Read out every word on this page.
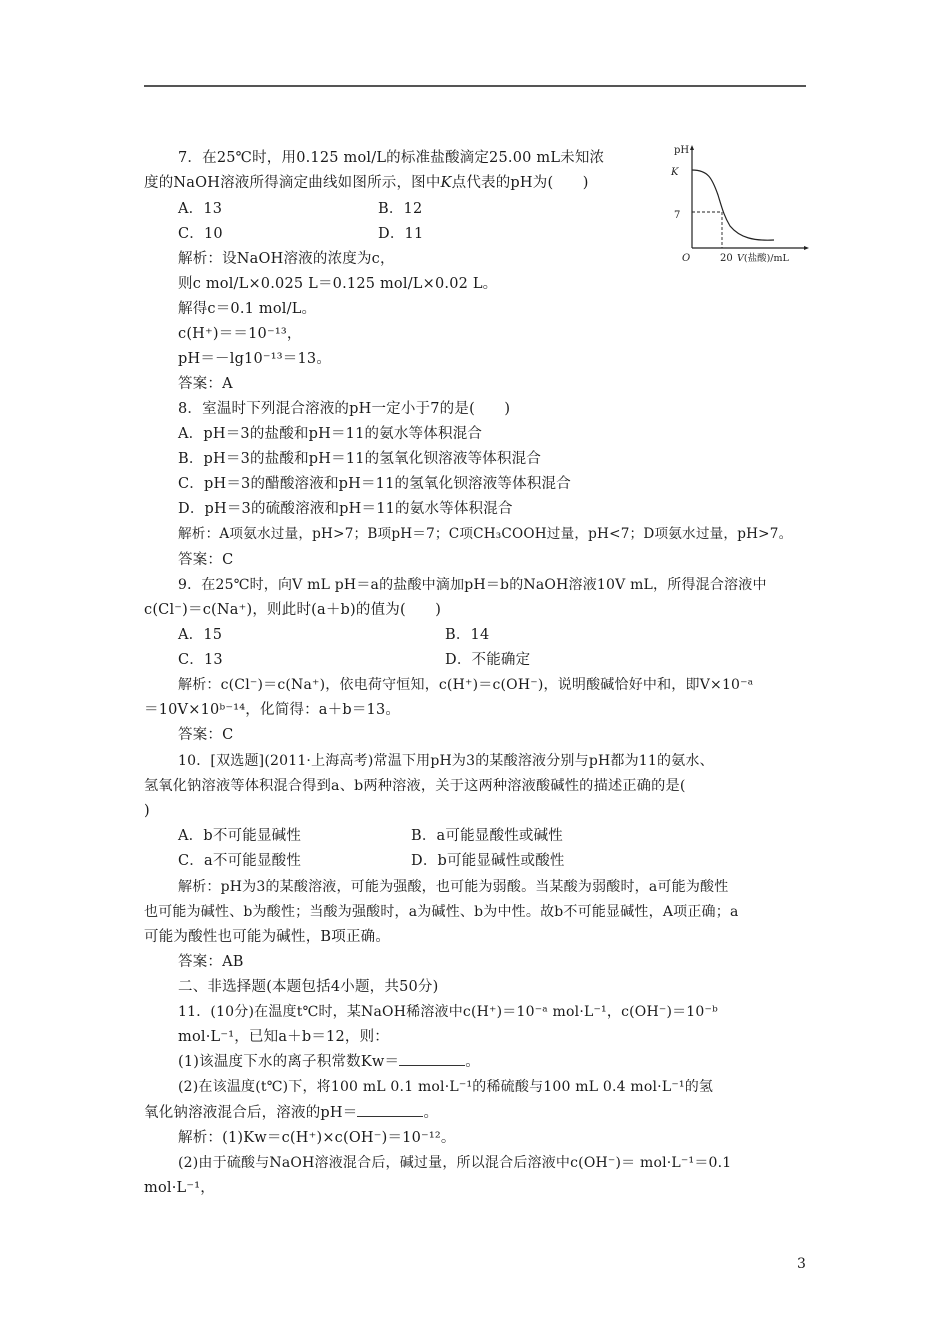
7．在25℃时，用0.125 mol/L的标准盐酸滴定25.00 mL未知浓
度的NaOH溶液所得滴定曲线如图所示，图中K点代表的pH为(　　)
A．13	B．12
C．10	D．11
解析：设NaOH溶液的浓度为c，
则c mol/L×0.025 L＝0.125 mol/L×0.02 L。
解得c＝0.1 mol/L。
c(H⁺)＝＝10⁻¹³，
pH＝－lg10⁻¹³＝13。
答案：A
pH
K
7
O	20 V(盐酸)/mL
8．室温时下列混合溶液的pH一定小于7的是(　　)
A．pH＝3的盐酸和pH＝11的氨水等体积混合
B．pH＝3的盐酸和pH＝11的氢氧化钡溶液等体积混合
C．pH＝3的醋酸溶液和pH＝11的氢氧化钡溶液等体积混合
D．pH＝3的硫酸溶液和pH＝11的氨水等体积混合
解析：A项氨水过量，pH>7；B项pH＝7；C项CH₃COOH过量，pH<7；D项氨水过量，pH>7。
答案：C
9．在25℃时，向V mL pH＝a的盐酸中滴加pH＝b的NaOH溶液10V mL，所得混合溶液中
c(Cl⁻)＝c(Na⁺)，则此时(a＋b)的值为(　　)
A．15	B．14
C．13	D．不能确定
解析：c(Cl⁻)＝c(Na⁺)，依电荷守恒知，c(H⁺)＝c(OH⁻)，说明酸碱恰好中和，即V×10⁻ᵃ
＝10V×10ᵇ⁻¹⁴，化简得：a＋b＝13。
答案：C
10．[双选题](2011·上海高考)常温下用pH为3的某酸溶液分别与pH都为11的氨水、
氢氧化钠溶液等体积混合得到a、b两种溶液，关于这两种溶液酸碱性的描述正确的是(
)
A．b不可能显碱性	B．a可能显酸性或碱性
C．a不可能显酸性	D．b可能显碱性或酸性
解析：pH为3的某酸溶液，可能为强酸，也可能为弱酸。当某酸为弱酸时，a可能为酸性
也可能为碱性、b为酸性；当酸为强酸时，a为碱性、b为中性。故b不可能显碱性，A项正确；a
可能为酸性也可能为碱性，B项正确。
答案：AB
二、非选择题(本题包括4小题，共50分)
11．(10分)在温度t℃时，某NaOH稀溶液中c(H⁺)＝10⁻ᵃ mol·L⁻¹，c(OH⁻)＝10⁻ᵇ
mol·L⁻¹，已知a＋b＝12，则：
(1)该温度下水的离子积常数Kw＝	。
(2)在该温度(t℃)下，将100 mL 0.1 mol·L⁻¹的稀硫酸与100 mL 0.4 mol·L⁻¹的氢
氧化钠溶液混合后，溶液的pH＝	。
解析：(1)Kw＝c(H⁺)×c(OH⁻)＝10⁻¹²。
(2)由于硫酸与NaOH溶液混合后，碱过量，所以混合后溶液中c(OH⁻)＝ mol·L⁻¹＝0.1
mol·L⁻¹，
3
